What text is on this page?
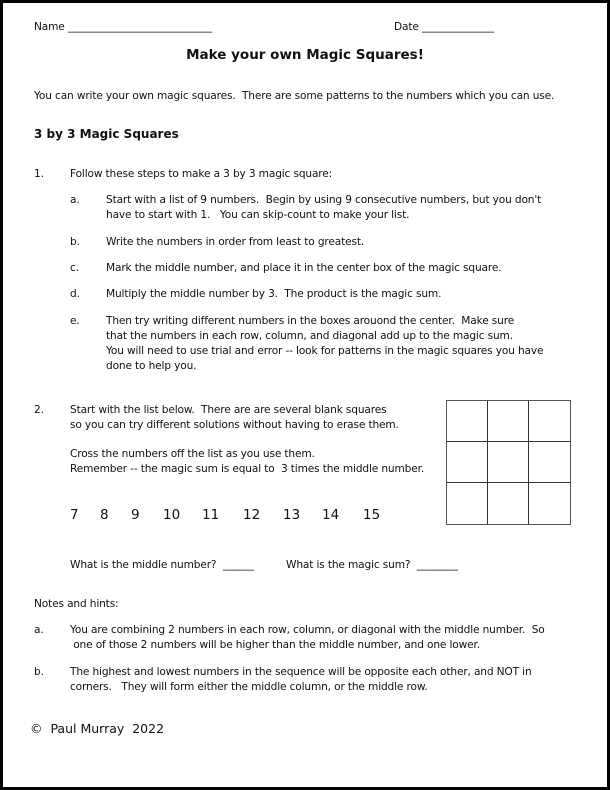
Name ____________________________	Date ______________
Make your own Magic Squares!
You can write your own magic squares.  There are some patterns to the numbers which you can use.
3 by 3 Magic Squares
1. Follow these steps to make a 3 by 3 magic square:
a. Start with a list of 9 numbers.  Begin by using 9 consecutive numbers, but you don't
have to start with 1.   You can skip-count to make your list.
b. Write the numbers in order from least to greatest.
c.	Mark the middle number, and place it in the center box of the magic square.
d. Multiply the middle number by 3.  The product is the magic sum.
e. Then try writing different numbers in the boxes arouond the center.  Make sure
that the numbers in each row, column, and diagonal add up to the magic sum.
You will need to use trial and error -- look for patterns in the magic squares you have
done to help you.
2. Start with the list below.  There are are several blank squares
so you can try different solutions without having to erase them.
Cross the numbers off the list as you use them.
Remember -- the magic sum is equal to  3 times the middle number.
7 8 9 10 11 12 13 14 15
What is the middle number?  ______	What is the magic sum?  ________
Notes and hints:
a. You are combining 2 numbers in each row, column, or diagonal with the middle number.  So
one of those 2 numbers will be higher than the middle number, and one lower.
b. The highest and lowest numbers in the sequence will be opposite each other, and NOT in
corners.   They will form either the middle column, or the middle row.
©  Paul Murray  2022
